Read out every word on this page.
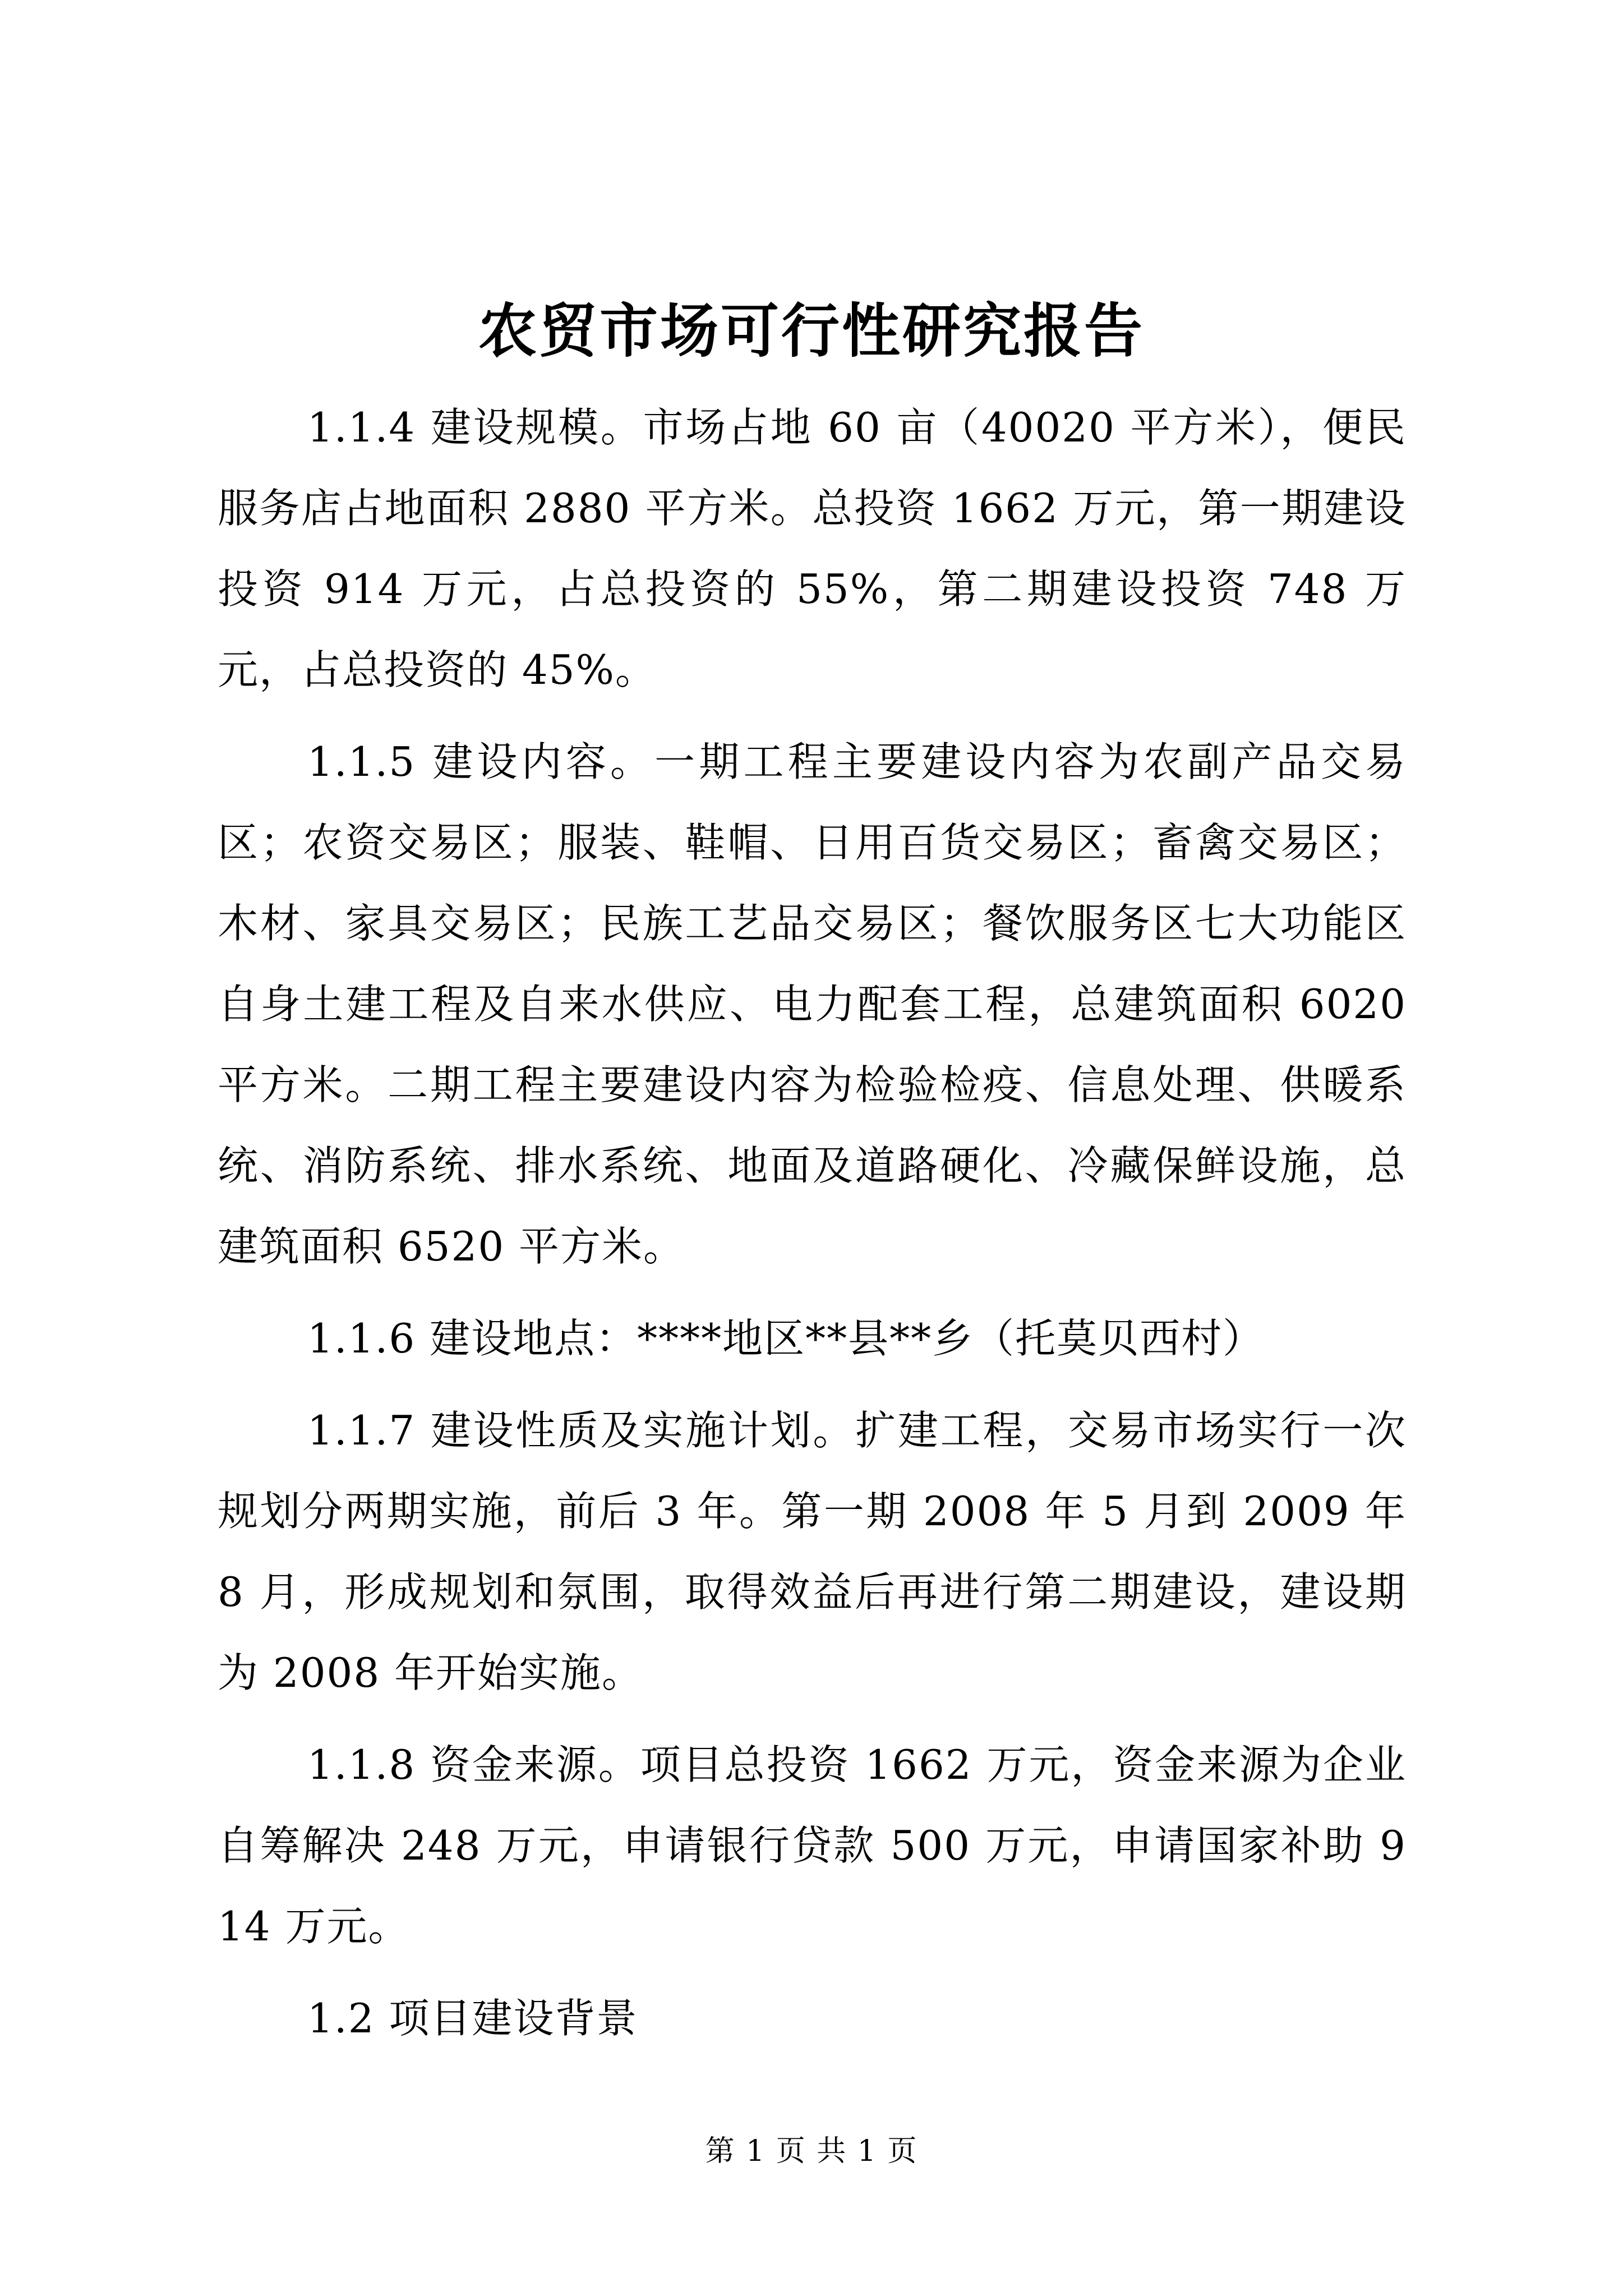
农贸市场可行性研究报告

1.1.4 建设规模。市场占地 60 亩（40020 平方米），便民服务店占地面积 2880 平方米。总投资 1662 万元，第一期建设投资 914 万元，占总投资的 55%，第二期建设投资 748 万元，占总投资的 45%。

1.1.5 建设内容。一期工程主要建设内容为农副产品交易区；农资交易区；服装、鞋帽、日用百货交易区；畜禽交易区；木材、家具交易区；民族工艺品交易区；餐饮服务区七大功能区自身土建工程及自来水供应、电力配套工程，总建筑面积 6020 平方米。二期工程主要建设内容为检验检疫、信息处理、供暖系统、消防系统、排水系统、地面及道路硬化、冷藏保鲜设施，总建筑面积 6520 平方米。

1.1.6 建设地点：****地区**县**乡（托莫贝西村）

1.1.7 建设性质及实施计划。扩建工程，交易市场实行一次规划分两期实施，前后 3 年。第一期 2008 年 5 月到 2009 年 8 月，形成规划和氛围，取得效益后再进行第二期建设，建设期为 2008 年开始实施。

1.1.8 资金来源。项目总投资 1662 万元，资金来源为企业自筹解决 248 万元，申请银行贷款 500 万元，申请国家补助 914 万元。

1.2 项目建设背景

第 1 页 共 1 页
